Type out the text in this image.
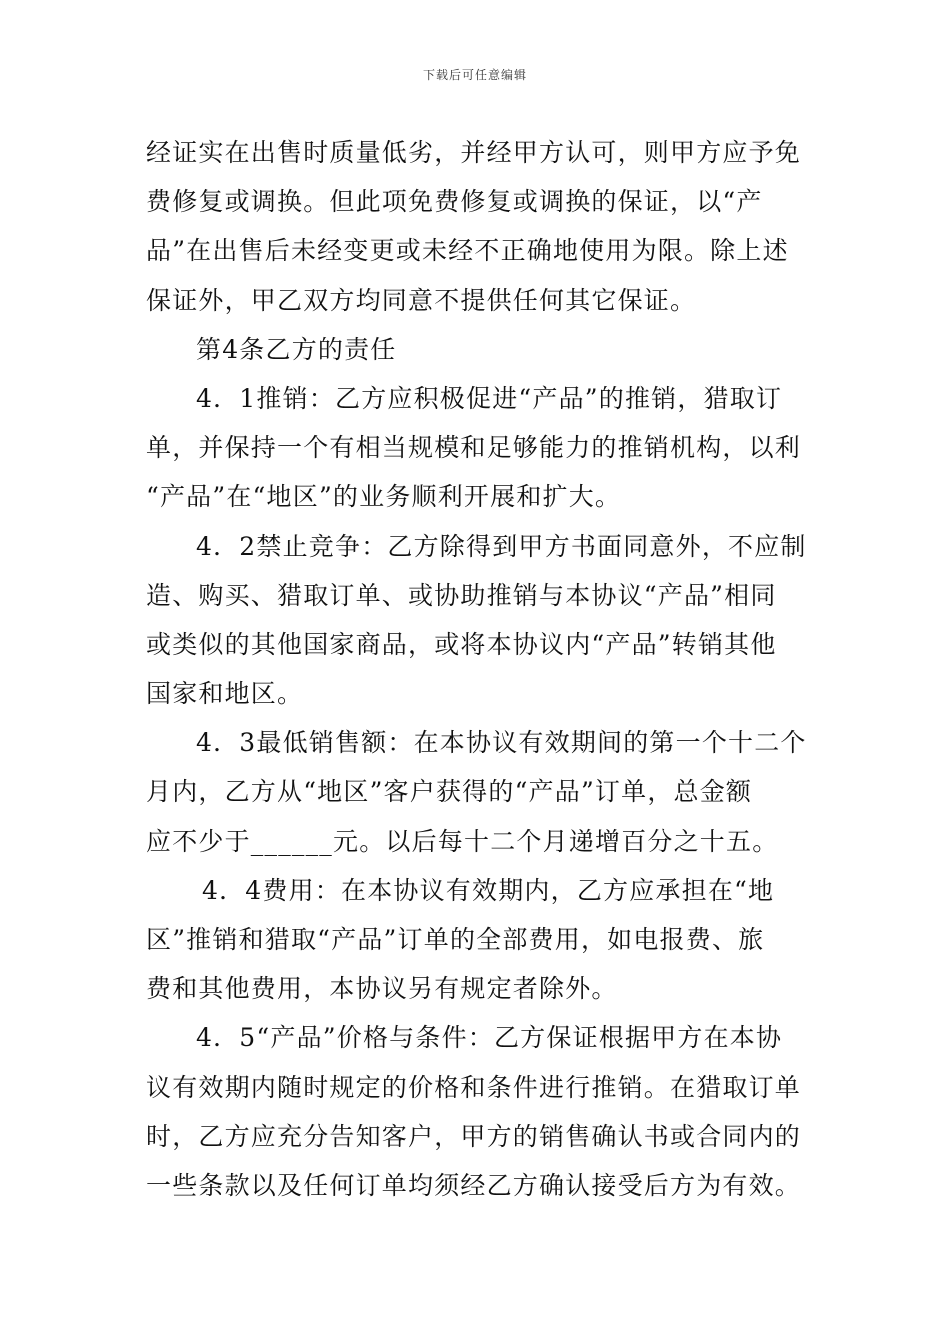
下载后可任意编辑
经证实在出售时质量低劣，并经甲方认可，则甲方应予免
费修复或调换。但此项免费修复或调换的保证，以“产
品”在出售后未经变更或未经不正确地使用为限。除上述
保证外，甲乙双方均同意不提供任何其它保证。
第4条乙方的责任
4．1推销：乙方应积极促进“产品”的推销，猎取订
单，并保持一个有相当规模和足够能力的推销机构，以利
“产品”在“地区”的业务顺利开展和扩大。
4．2禁止竞争：乙方除得到甲方书面同意外，不应制
造、购买、猎取订单、或协助推销与本协议“产品”相同
或类似的其他国家商品，或将本协议内“产品”转销其他
国家和地区。
4．3最低销售额：在本协议有效期间的第一个十二个
月内，乙方从“地区”客户获得的“产品”订单，总金额
应不少于______元。以后每十二个月递增百分之十五。
4．4费用：在本协议有效期内，乙方应承担在“地
区”推销和猎取“产品”订单的全部费用，如电报费、旅
费和其他费用，本协议另有规定者除外。
4．5“产品”价格与条件：乙方保证根据甲方在本协
议有效期内随时规定的价格和条件进行推销。在猎取订单
时，乙方应充分告知客户，甲方的销售确认书或合同内的
一些条款以及任何订单均须经乙方确认接受后方为有效。
